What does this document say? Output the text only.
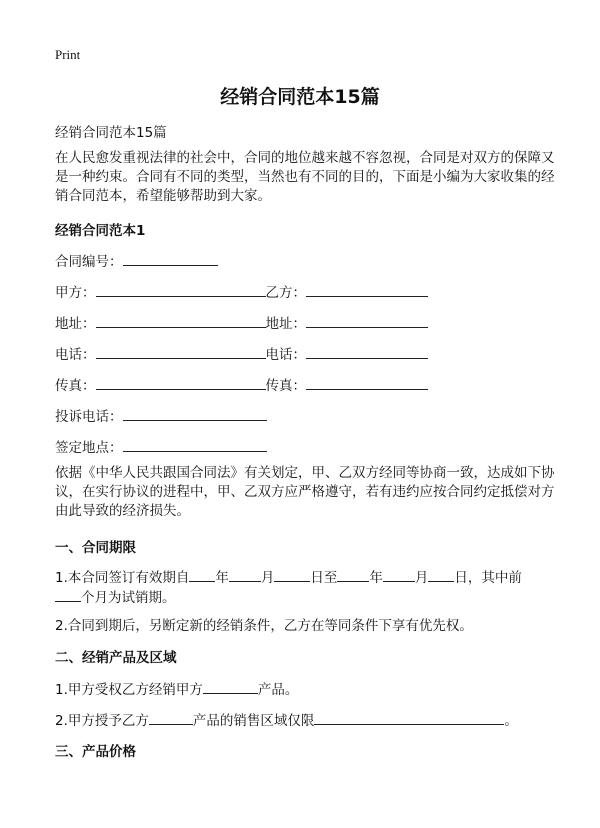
Print
经销合同范本15篇
经销合同范本15篇
在人民愈发重视法律的社会中，合同的地位越来越不容忽视，合同是对双方的保障又是一种约束。合同有不同的类型，当然也有不同的目的，下面是小编为大家收集的经销合同范本，希望能够帮助到大家。
经销合同范本1
合同编号：
甲方：	乙方：
地址：	地址：
电话：	电话：
传真：	传真：
投诉电话：
签定地点：
依据《中华人民共跟国合同法》有关划定，甲、乙双方经同等协商一致，达成如下协议，在实行协议的进程中，甲、乙双方应严格遵守，若有违约应按合同约定抵偿对方由此导致的经济损失。
一、合同期限
1.本合同签订有效期自 年 月	日至 年 月 日，其中前
个月为试销期。
2.合同到期后，另断定新的经销条件，乙方在等同条件下享有优先权。
二、经销产品及区域
1.甲方受权乙方经销甲方	产品。
2.甲方授予乙方	产品的销售区域仅限	。
三、产品价格
